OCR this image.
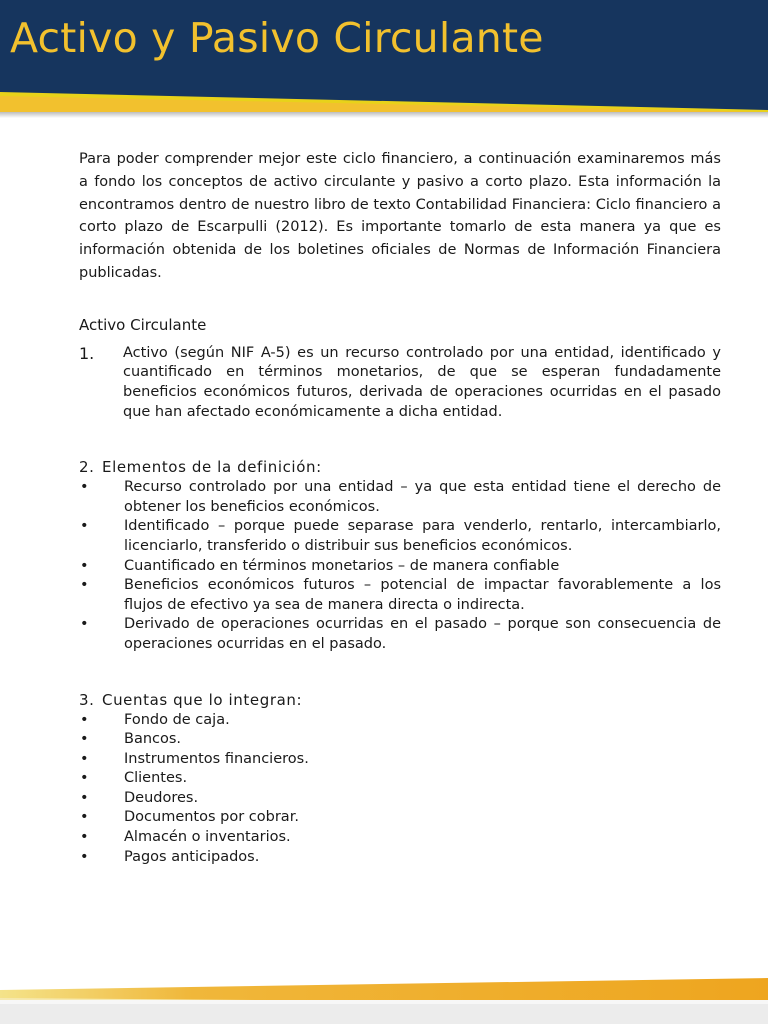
Activo y Pasivo Circulante

Para poder comprender mejor este ciclo financiero, a continuación examinaremos más a fondo los conceptos de activo circulante y pasivo a corto plazo. Esta información la encontramos dentro de nuestro libro de texto Contabilidad Financiera: Ciclo financiero a corto plazo de Escarpulli (2012). Es importante tomarlo de esta manera ya que es información obtenida de los boletines oficiales de Normas de Información Financiera publicadas.

Activo Circulante
1.	Activo (según NIF A-5) es un recurso controlado por una entidad, identificado y cuantificado en términos monetarios, de que se esperan fundadamente beneficios económicos futuros, derivada de operaciones ocurridas en el pasado que han afectado económicamente a dicha entidad.
2. Elementos de la definición:
•	Recurso controlado por una entidad – ya que esta entidad tiene el derecho de obtener los beneficios económicos.
•	Identificado – porque puede separase para venderlo, rentarlo, intercambiarlo, licenciarlo, transferido o distribuir sus beneficios económicos.
•	Cuantificado en términos monetarios – de manera confiable
•	Beneficios económicos futuros – potencial de impactar favorablemente a los flujos de efectivo ya sea de manera directa o indirecta.
•	Derivado de operaciones ocurridas en el pasado – porque son consecuencia de operaciones ocurridas en el pasado.
3. Cuentas que lo integran:
•	Fondo de caja.
•	Bancos.
•	Instrumentos financieros.
•	Clientes.
•	Deudores.
•	Documentos por cobrar.
•	Almacén o inventarios.
•	Pagos anticipados.
